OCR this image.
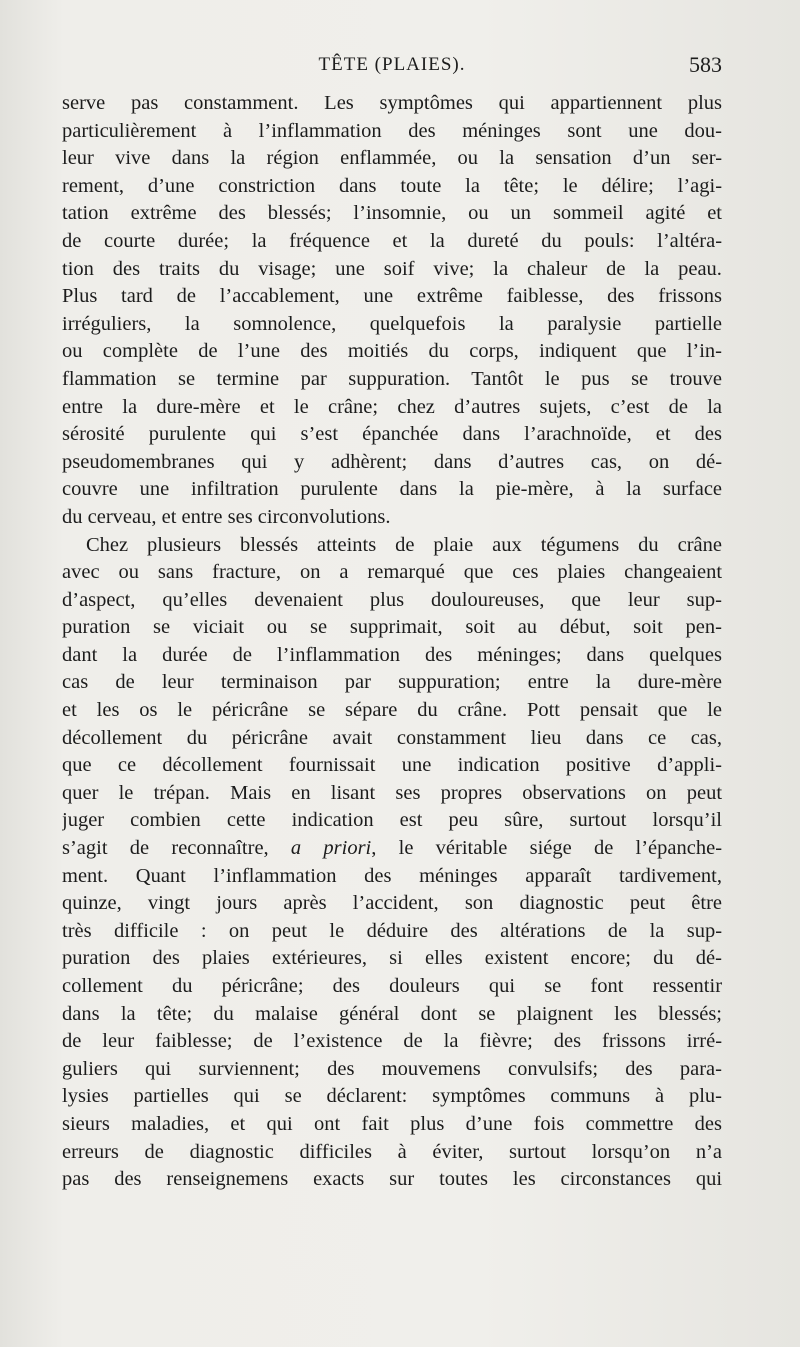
TÊTE (PLAIES).	583
serve pas constamment. Les symptômes qui appartiennent plus
particulièrement à l’inflammation des méninges sont une dou-
leur vive dans la région enflammée, ou la sensation d’un ser-
rement, d’une constriction dans toute la tête; le délire; l’agi-
tation extrême des blessés; l’insomnie, ou un sommeil agité et
de courte durée; la fréquence et la dureté du pouls: l’altéra-
tion des traits du visage; une soif vive; la chaleur de la peau.
Plus tard de l’accablement, une extrême faiblesse, des frissons
irréguliers, la somnolence, quelquefois la paralysie partielle
ou complète de l’une des moitiés du corps, indiquent que l’in-
flammation se termine par suppuration. Tantôt le pus se trouve
entre la dure-mère et le crâne; chez d’autres sujets, c’est de la
sérosité purulente qui s’est épanchée dans l’arachnoïde, et des
pseudomembranes qui y adhèrent; dans d’autres cas, on dé-
couvre une infiltration purulente dans la pie-mère, à la surface
du cerveau, et entre ses circonvolutions.
Chez plusieurs blessés atteints de plaie aux tégumens du crâne
avec ou sans fracture, on a remarqué que ces plaies changeaient
d’aspect, qu’elles devenaient plus douloureuses, que leur sup-
puration se viciait ou se supprimait, soit au début, soit pen-
dant la durée de l’inflammation des méninges; dans quelques
cas de leur terminaison par suppuration; entre la dure-mère
et les os le péricrâne se sépare du crâne. Pott pensait que le
décollement du péricrâne avait constamment lieu dans ce cas,
que ce décollement fournissait une indication positive d’appli-
quer le trépan. Mais en lisant ses propres observations on peut
juger combien cette indication est peu sûre, surtout lorsqu’il
s’agit de reconnaître, a priori, le véritable siége de l’épanche-
ment. Quant l’inflammation des méninges apparaît tardivement,
quinze, vingt jours après l’accident, son diagnostic peut être
très difficile : on peut le déduire des altérations de la sup-
puration des plaies extérieures, si elles existent encore; du dé-
collement du péricrâne; des douleurs qui se font ressentir
dans la tête; du malaise général dont se plaignent les blessés;
de leur faiblesse; de l’existence de la fièvre; des frissons irré-
guliers qui surviennent; des mouvemens convulsifs; des para-
lysies partielles qui se déclarent: symptômes communs à plu-
sieurs maladies, et qui ont fait plus d’une fois commettre des
erreurs de diagnostic difficiles à éviter, surtout lorsqu’on n’a
pas des renseignemens exacts sur toutes les circonstances qui
